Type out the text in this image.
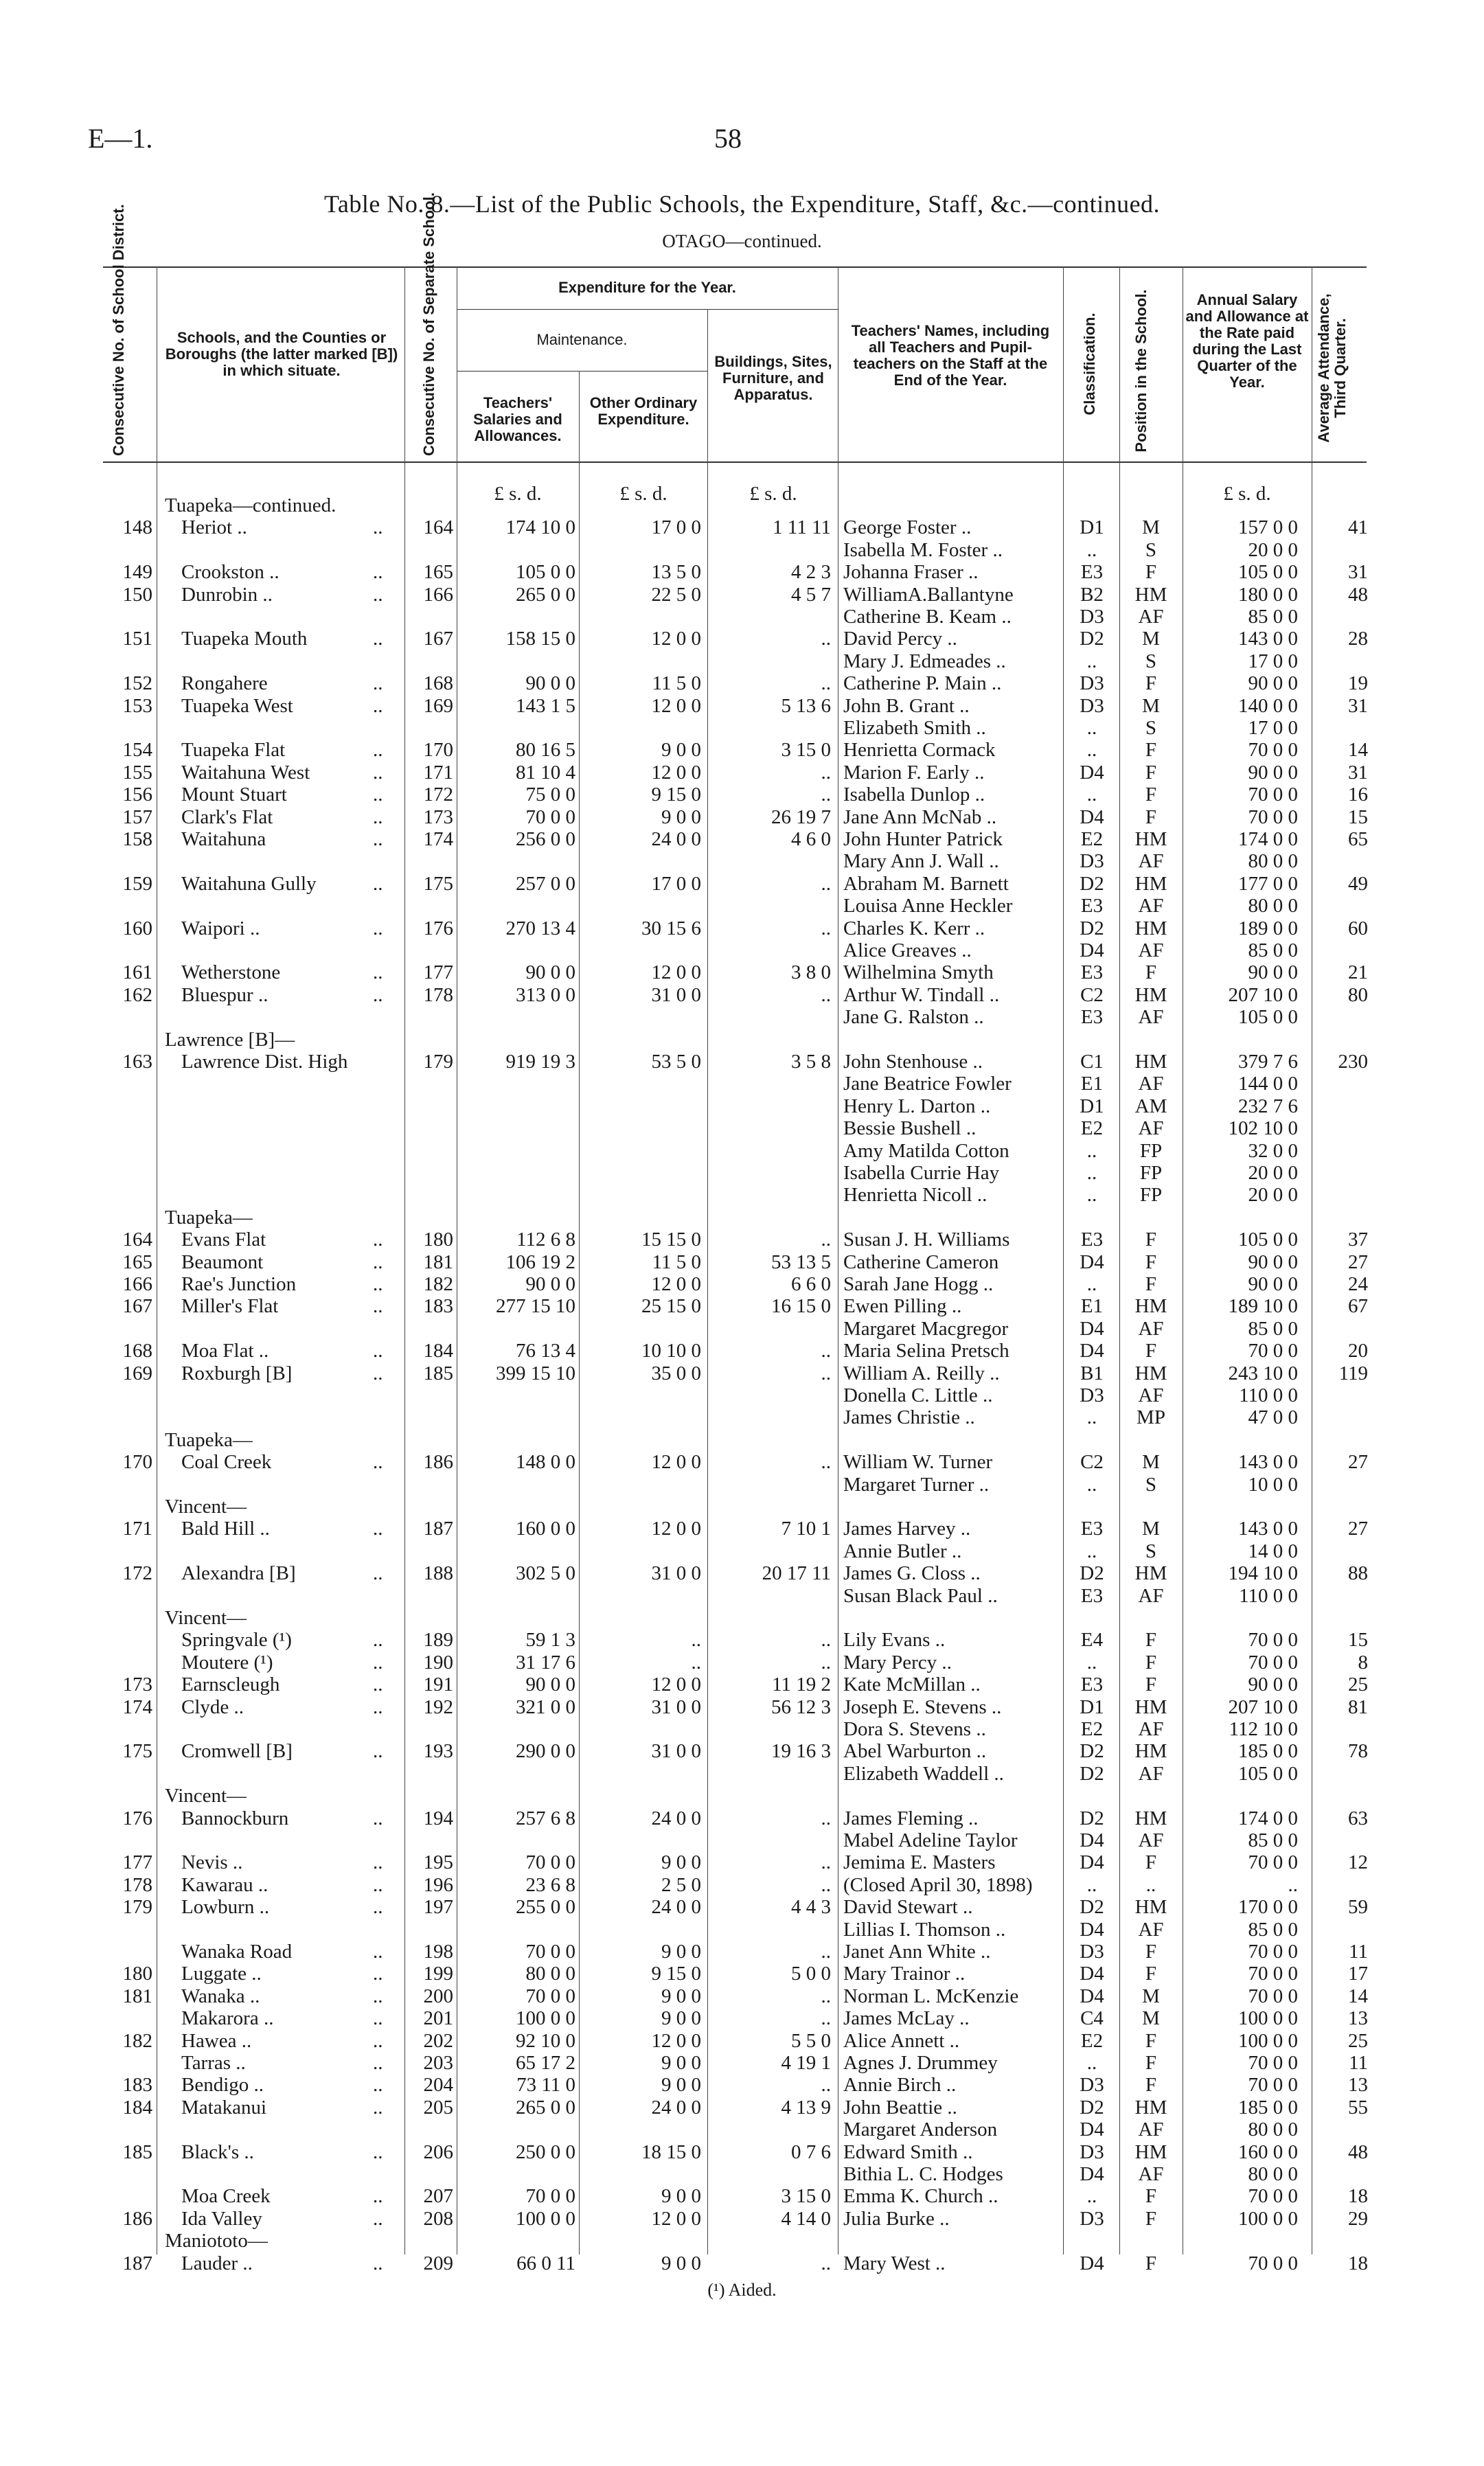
E—1.	58
Table No. 8.—List of the Public Schools, the Expenditure, Staff, &c.—continued.
OTAGO—continued.
Consecutive No. of School District.	Schools, and the Counties or Boroughs (the latter marked [B]) in which situate.	Consecutive No. of Separate School.	Expenditure for the Year.
Maintenance.
Teachers' Salaries and Allowances.
Other Ordinary Expenditure.
Buildings, Sites, Furniture, and Apparatus.
Teachers' Names, including all Teachers and Pupil-teachers on the Staff at the End of the Year.	Classification. Position in the School.	Annual Salary and Allowance at the Rate paid during the Last Quarter of the Year.	Average Attendance, Third Quarter.
£ s. d.	£ s. d.	£ s. d.	£ s. d.
Tuapeka—continued.
148 Heriot ..	..	164	174 10 0	17 0 0	1 11 11 George Foster ..	D1	M	157 0 0	41
Isabella M. Foster ..	..	S	20 0 0
149 Crookston ..	..	165	105 0 0	13 5 0	4 2 3 Johanna Fraser ..	E3	F	105 0 0	31
150 Dunrobin ..	..	166	265 0 0	22 5 0	4 5 7 WilliamA.Ballantyne	B2	HM	180 0 0	48
Catherine B. Keam ..	D3	AF	85 0 0
151 Tuapeka Mouth	..	167	158 15 0	12 0 0	.. David Percy ..	D2	M	143 0 0	28
Mary J. Edmeades ..	..	S	17 0 0
152 Rongahere	..	168	90 0 0	11 5 0	.. Catherine P. Main ..	D3	F	90 0 0	19
153 Tuapeka West	..	169	143 1 5	12 0 0	5 13 6 John B. Grant ..	D3	M	140 0 0	31
Elizabeth Smith ..	..	S	17 0 0
154 Tuapeka Flat	..	170	80 16 5	9 0 0	3 15 0 Henrietta Cormack	..	F	70 0 0	14
155 Waitahuna West	..	171	81 10 4	12 0 0	.. Marion F. Early ..	D4	F	90 0 0	31
156 Mount Stuart	..	172	75 0 0	9 15 0	.. Isabella Dunlop ..	..	F	70 0 0	16
157 Clark's Flat	..	173	70 0 0	9 0 0	26 19 7 Jane Ann McNab ..	D4	F	70 0 0	15
158 Waitahuna	..	174	256 0 0	24 0 0	4 6 0 John Hunter Patrick	E2	HM	174 0 0	65
Mary Ann J. Wall ..	D3	AF	80 0 0
159 Waitahuna Gully	..	175	257 0 0	17 0 0	.. Abraham M. Barnett	D2	HM	177 0 0	49
Louisa Anne Heckler	E3	AF	80 0 0
160 Waipori ..	..	176	270 13 4	30 15 6	.. Charles K. Kerr ..	D2	HM	189 0 0	60
Alice Greaves ..	D4	AF	85 0 0
161 Wetherstone	..	177	90 0 0	12 0 0	3 8 0 Wilhelmina Smyth	E3	F	90 0 0	21
162 Bluespur ..	..	178	313 0 0	31 0 0	.. Arthur W. Tindall ..	C2	HM	207 10 0	80
Jane G. Ralston ..	E3	AF	105 0 0
Lawrence [B]—
163 Lawrence Dist. High	179	919 19 3	53 5 0	3 5 8 John Stenhouse ..	C1	HM	379 7 6	230
Jane Beatrice Fowler	E1	AF	144 0 0
Henry L. Darton ..	D1	AM	232 7 6
Bessie Bushell ..	E2	AF	102 10 0
Amy Matilda Cotton	..	FP	32 0 0
Isabella Currie Hay	..	FP	20 0 0
Henrietta Nicoll ..	..	FP	20 0 0
Tuapeka—
164 Evans Flat	..	180	112 6 8	15 15 0	.. Susan J. H. Williams	E3	F	105 0 0	37
165 Beaumont	..	181	106 19 2	11 5 0	53 13 5 Catherine Cameron	D4	F	90 0 0	27
166 Rae's Junction	..	182	90 0 0	12 0 0	6 6 0 Sarah Jane Hogg ..	..	F	90 0 0	24
167 Miller's Flat	..	183	277 15 10	25 15 0	16 15 0 Ewen Pilling ..	E1	HM	189 10 0	67
Margaret Macgregor	D4	AF	85 0 0
168 Moa Flat ..	..	184	76 13 4	10 10 0	.. Maria Selina Pretsch	D4	F	70 0 0	20
169 Roxburgh [B]	..	185	399 15 10	35 0 0	.. William A. Reilly ..	B1	HM	243 10 0	119
Donella C. Little ..	D3	AF	110 0 0
James Christie ..	..	MP	47 0 0
Tuapeka—
170 Coal Creek	..	186	148 0 0	12 0 0	.. William W. Turner	C2	M	143 0 0	27
Margaret Turner ..	..	S	10 0 0
Vincent—
171 Bald Hill ..	..	187	160 0 0	12 0 0	7 10 1 James Harvey ..	E3	M	143 0 0	27
Annie Butler ..	..	S	14 0 0
172 Alexandra [B]	..	188	302 5 0	31 0 0	20 17 11 James G. Closs ..	D2	HM	194 10 0	88
Susan Black Paul ..	E3	AF	110 0 0
Vincent—
Springvale (¹)	..	189	59 1 3	..	.. Lily Evans ..	E4	F	70 0 0	15
Moutere (¹)	..	190	31 17 6	..	.. Mary Percy ..	..	F	70 0 0	8
173 Earnscleugh	..	191	90 0 0	12 0 0	11 19 2 Kate McMillan ..	E3	F	90 0 0	25
174 Clyde ..	..	192	321 0 0	31 0 0	56 12 3 Joseph E. Stevens ..	D1	HM	207 10 0	81
Dora S. Stevens ..	E2	AF	112 10 0
175 Cromwell [B]	..	193	290 0 0	31 0 0	19 16 3 Abel Warburton ..	D2	HM	185 0 0	78
Elizabeth Waddell ..	D2	AF	105 0 0
Vincent—
176 Bannockburn	..	194	257 6 8	24 0 0	.. James Fleming ..	D2	HM	174 0 0	63
Mabel Adeline Taylor	D4	AF	85 0 0
177 Nevis ..	..	195	70 0 0	9 0 0	.. Jemima E. Masters	D4	F	70 0 0	12
178 Kawarau ..	..	196	23 6 8	2 5 0	.. (Closed April 30, 1898)	..	..	..
179 Lowburn ..	..	197	255 0 0	24 0 0	4 4 3 David Stewart ..	D2	HM	170 0 0	59
Lillias I. Thomson ..	D4	AF	85 0 0
Wanaka Road	..	198	70 0 0	9 0 0	.. Janet Ann White ..	D3	F	70 0 0	11
180 Luggate ..	..	199	80 0 0	9 15 0	5 0 0 Mary Trainor ..	D4	F	70 0 0	17
181 Wanaka ..	..	200	70 0 0	9 0 0	.. Norman L. McKenzie	D4	M	70 0 0	14
Makarora ..	..	201	100 0 0	9 0 0	.. James McLay ..	C4	M	100 0 0	13
182 Hawea ..	..	202	92 10 0	12 0 0	5 5 0 Alice Annett ..	E2	F	100 0 0	25
Tarras ..	..	203	65 17 2	9 0 0	4 19 1 Agnes J. Drummey	..	F	70 0 0	11
183 Bendigo ..	..	204	73 11 0	9 0 0	.. Annie Birch ..	D3	F	70 0 0	13
184 Matakanui	..	205	265 0 0	24 0 0	4 13 9 John Beattie ..	D2	HM	185 0 0	55
Margaret Anderson	D4	AF	80 0 0
185 Black's ..	..	206	250 0 0	18 15 0	0 7 6 Edward Smith ..	D3	HM	160 0 0	48
Bithia L. C. Hodges	D4	AF	80 0 0
Moa Creek	..	207	70 0 0	9 0 0	3 15 0 Emma K. Church ..	..	F	70 0 0	18
186 Ida Valley	..	208	100 0 0	12 0 0	4 14 0 Julia Burke ..	D3	F	100 0 0	29
Maniototo—
187 Lauder ..	..	209	66 0 11	9 0 0	.. Mary West ..	D4	F	70 0 0	18
(¹) Aided.
